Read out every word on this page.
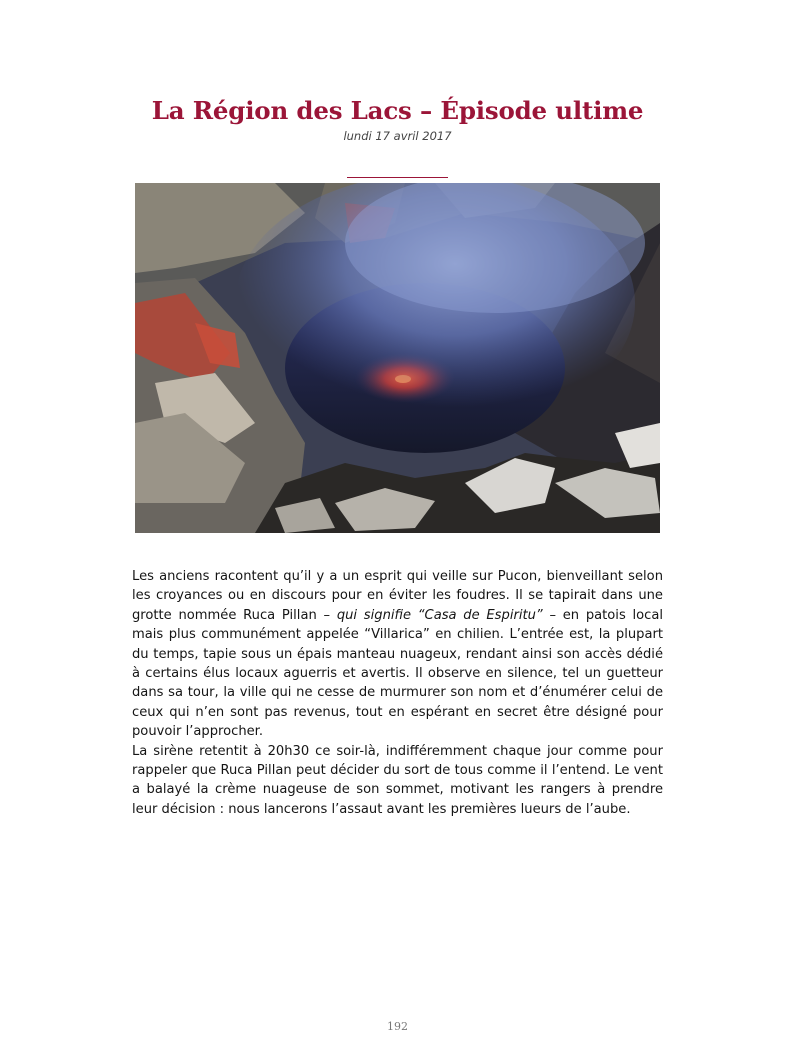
La Région des Lacs – Épisode ultime
lundi 17 avril 2017

Les anciens racontent qu’il y a un esprit qui veille sur Pucon, bienveillant selon les croyances ou en discours pour en éviter les foudres. Il se tapirait dans une grotte nommée Ruca Pillan – qui signifie “Casa de Espiritu” – en patois local mais plus communément appelée “Villarica” en chilien. L’entrée est, la plupart du temps, tapie sous un épais manteau nuageux, rendant ainsi son accès dédié à certains élus locaux aguerris et avertis. Il observe en silence, tel un guetteur dans sa tour, la ville qui ne cesse de murmurer son nom et d’énumérer celui de ceux qui n’en sont pas revenus, tout en espérant en secret être désigné pour pouvoir l’approcher.

La sirène retentit à 20h30 ce soir-là, indifféremment chaque jour comme pour rappeler que Ruca Pillan peut décider du sort de tous comme il l’entend. Le vent a balayé la crème nuageuse de son sommet, motivant les rangers à prendre leur décision : nous lancerons l’assaut avant les premières lueurs de l’aube.

192
